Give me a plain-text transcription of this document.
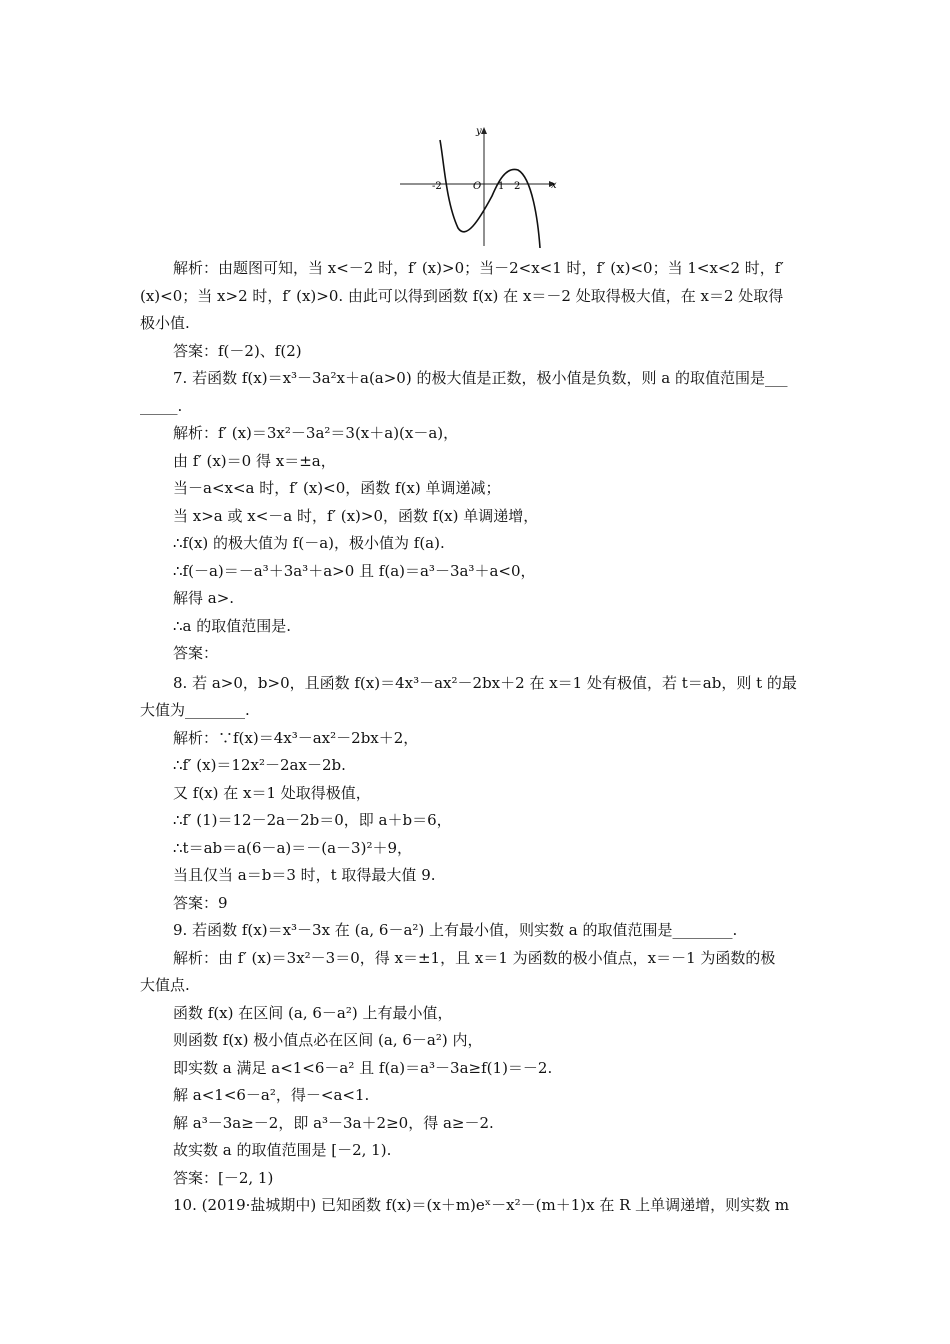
y
x
O
-2	1 2
解析：由题图可知，当 x<－2 时，f′ (x)>0；当－2<x<1 时，f′ (x)<0；当 1<x<2 时，f′
(x)<0；当 x>2 时，f′ (x)>0. 由此可以得到函数 f(x) 在 x＝－2 处取得极大值，在 x＝2 处取得
极小值.
答案：f(－2)、f(2)
7. 若函数 f(x)＝x³－3a²x＋a(a>0) 的极大值是正数，极小值是负数，则 a 的取值范围是___
_____.
解析：f′ (x)＝3x²－3a²＝3(x＋a)(x－a)，
由 f′ (x)＝0 得 x＝±a，
当－a<x<a 时，f′ (x)<0，函数 f(x) 单调递减；
当 x>a 或 x<－a 时，f′ (x)>0，函数 f(x) 单调递增，
∴f(x) 的极大值为 f(－a)，极小值为 f(a).
∴f(－a)＝－a³＋3a³＋a>0 且 f(a)＝a³－3a³＋a<0，
解得 a>.
∴a 的取值范围是.
答案：
8. 若 a>0，b>0，且函数 f(x)＝4x³－ax²－2bx＋2 在 x＝1 处有极值，若 t＝ab，则 t 的最
大值为________.
解析：∵f(x)＝4x³－ax²－2bx＋2，
∴f′ (x)＝12x²－2ax－2b.
又 f(x) 在 x＝1 处取得极值，
∴f′ (1)＝12－2a－2b＝0，即 a＋b＝6，
∴t＝ab＝a(6－a)＝－(a－3)²＋9，
当且仅当 a＝b＝3 时，t 取得最大值 9.
答案：9
9. 若函数 f(x)＝x³－3x 在 (a, 6－a²) 上有最小值，则实数 a 的取值范围是________.
解析：由 f′ (x)＝3x²－3＝0，得 x＝±1，且 x＝1 为函数的极小值点，x＝－1 为函数的极
大值点.
函数 f(x) 在区间 (a, 6－a²) 上有最小值，
则函数 f(x) 极小值点必在区间 (a, 6－a²) 内，
即实数 a 满足 a<1<6－a² 且 f(a)＝a³－3a≥f(1)＝－2.
解 a<1<6－a²，得－<a<1.
解 a³－3a≥－2，即 a³－3a＋2≥0，得 a≥－2.
故实数 a 的取值范围是 [－2, 1).
答案：[－2, 1)
10. (2019·盐城期中) 已知函数 f(x)＝(x＋m)eˣ－x²－(m＋1)x 在 R 上单调递增，则实数 m
